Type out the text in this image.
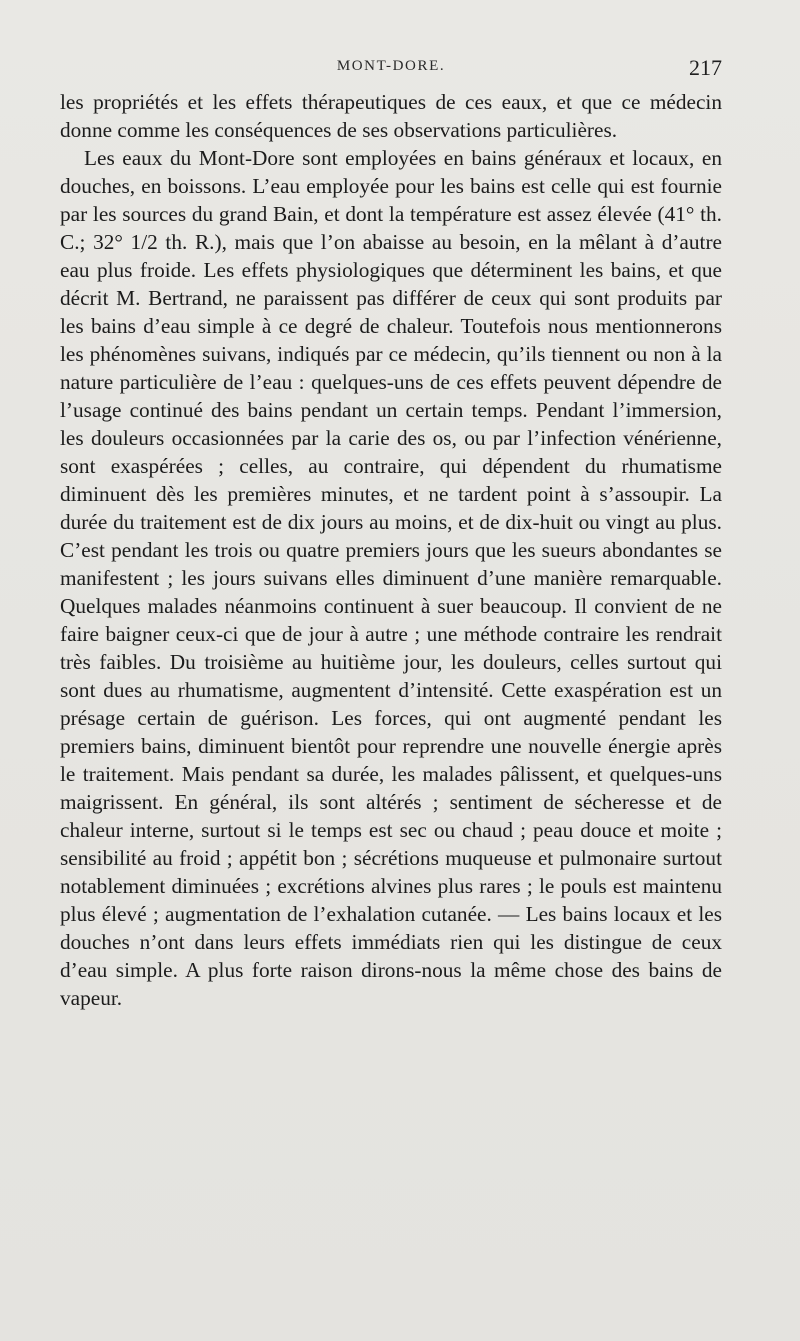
MONT-DORE.	217

les propriétés et les effets thérapeutiques de ces eaux, et que ce médecin donne comme les conséquences de ses observations particulières.

Les eaux du Mont-Dore sont employées en bains généraux et locaux, en douches, en boissons. L’eau employée pour les bains est celle qui est fournie par les sources du grand Bain, et dont la température est assez élevée (41° th. C.; 32° 1/2 th. R.), mais que l’on abaisse au besoin, en la mêlant à d’autre eau plus froide. Les effets physiologiques que déterminent les bains, et que décrit M. Bertrand, ne paraissent pas différer de ceux qui sont produits par les bains d’eau simple à ce degré de chaleur. Toutefois nous mentionnerons les phénomènes suivans, indiqués par ce médecin, qu’ils tiennent ou non à la nature particulière de l’eau : quelques-uns de ces effets peuvent dépendre de l’usage continué des bains pendant un certain temps. Pendant l’immersion, les douleurs occasionnées par la carie des os, ou par l’infection vénérienne, sont exaspérées ; celles, au contraire, qui dépendent du rhumatisme diminuent dès les premières minutes, et ne tardent point à s’assoupir. La durée du traitement est de dix jours au moins, et de dix-huit ou vingt au plus. C’est pendant les trois ou quatre premiers jours que les sueurs abondantes se manifestent ; les jours suivans elles diminuent d’une manière remarquable. Quelques malades néanmoins continuent à suer beaucoup. Il convient de ne faire baigner ceux-ci que de jour à autre ; une méthode contraire les rendrait très faibles. Du troisième au huitième jour, les douleurs, celles surtout qui sont dues au rhumatisme, augmentent d’intensité. Cette exaspération est un présage certain de guérison. Les forces, qui ont augmenté pendant les premiers bains, diminuent bientôt pour reprendre une nouvelle énergie après le traitement. Mais pendant sa durée, les malades pâlissent, et quelques-uns maigrissent. En général, ils sont altérés ; sentiment de sécheresse et de chaleur interne, surtout si le temps est sec ou chaud ; peau douce et moite ; sensibilité au froid ; appétit bon ; sécrétions muqueuse et pulmonaire surtout notablement diminuées ; excrétions alvines plus rares ; le pouls est maintenu plus élevé ; augmentation de l’exhalation cutanée. — Les bains locaux et les douches n’ont dans leurs effets immédiats rien qui les distingue de ceux d’eau simple. A plus forte raison dirons-nous la même chose des bains de vapeur.
